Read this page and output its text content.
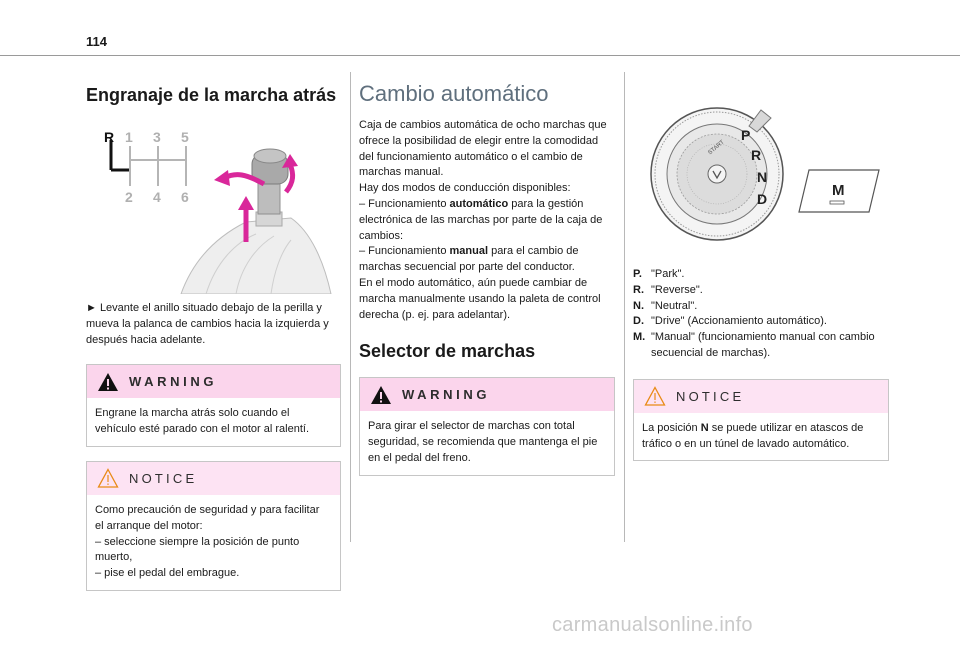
114
Engranaje de la marcha atrás
R 1 3 5
2 4 6

► Levante el anillo situado debajo de la perilla y mueva la palanca de cambios hacia la izquierda y después hacia adelante.

WARNING
Engrane la marcha atrás solo cuando el vehículo esté parado con el motor al ralentí.
NOTICE
Como precaución de seguridad y para facilitar el arranque del motor:
– seleccione siempre la posición de punto muerto,
– pise el pedal del embrague.
Cambio automático

Caja de cambios automática de ocho marchas que ofrece la posibilidad de elegir entre la comodidad del funcionamiento automático o el cambio de marchas manual.

Hay dos modos de conducción disponibles:

– Funcionamiento automático para la gestión electrónica de las marchas por parte de la caja de cambios:

– Funcionamiento manual para el cambio de marchas secuencial por parte del conductor.

En el modo automático, aún puede cambiar de marcha manualmente usando la paleta de control derecha (p. ej. para adelantar).

Selector de marchas
WARNING
Para girar el selector de marchas con total seguridad, se recomienda que mantenga el pie en el pedal del freno.
P
R
N
D
START
M
P. "Park".
R. "Reverse".
N. "Neutral".
D. "Drive" (Accionamiento automático).
M. "Manual" (funcionamiento manual con cambio secuencial de marchas).
NOTICE
La posición N se puede utilizar en atascos de tráfico o en un túnel de lavado automático.
carmanualsonline.info
